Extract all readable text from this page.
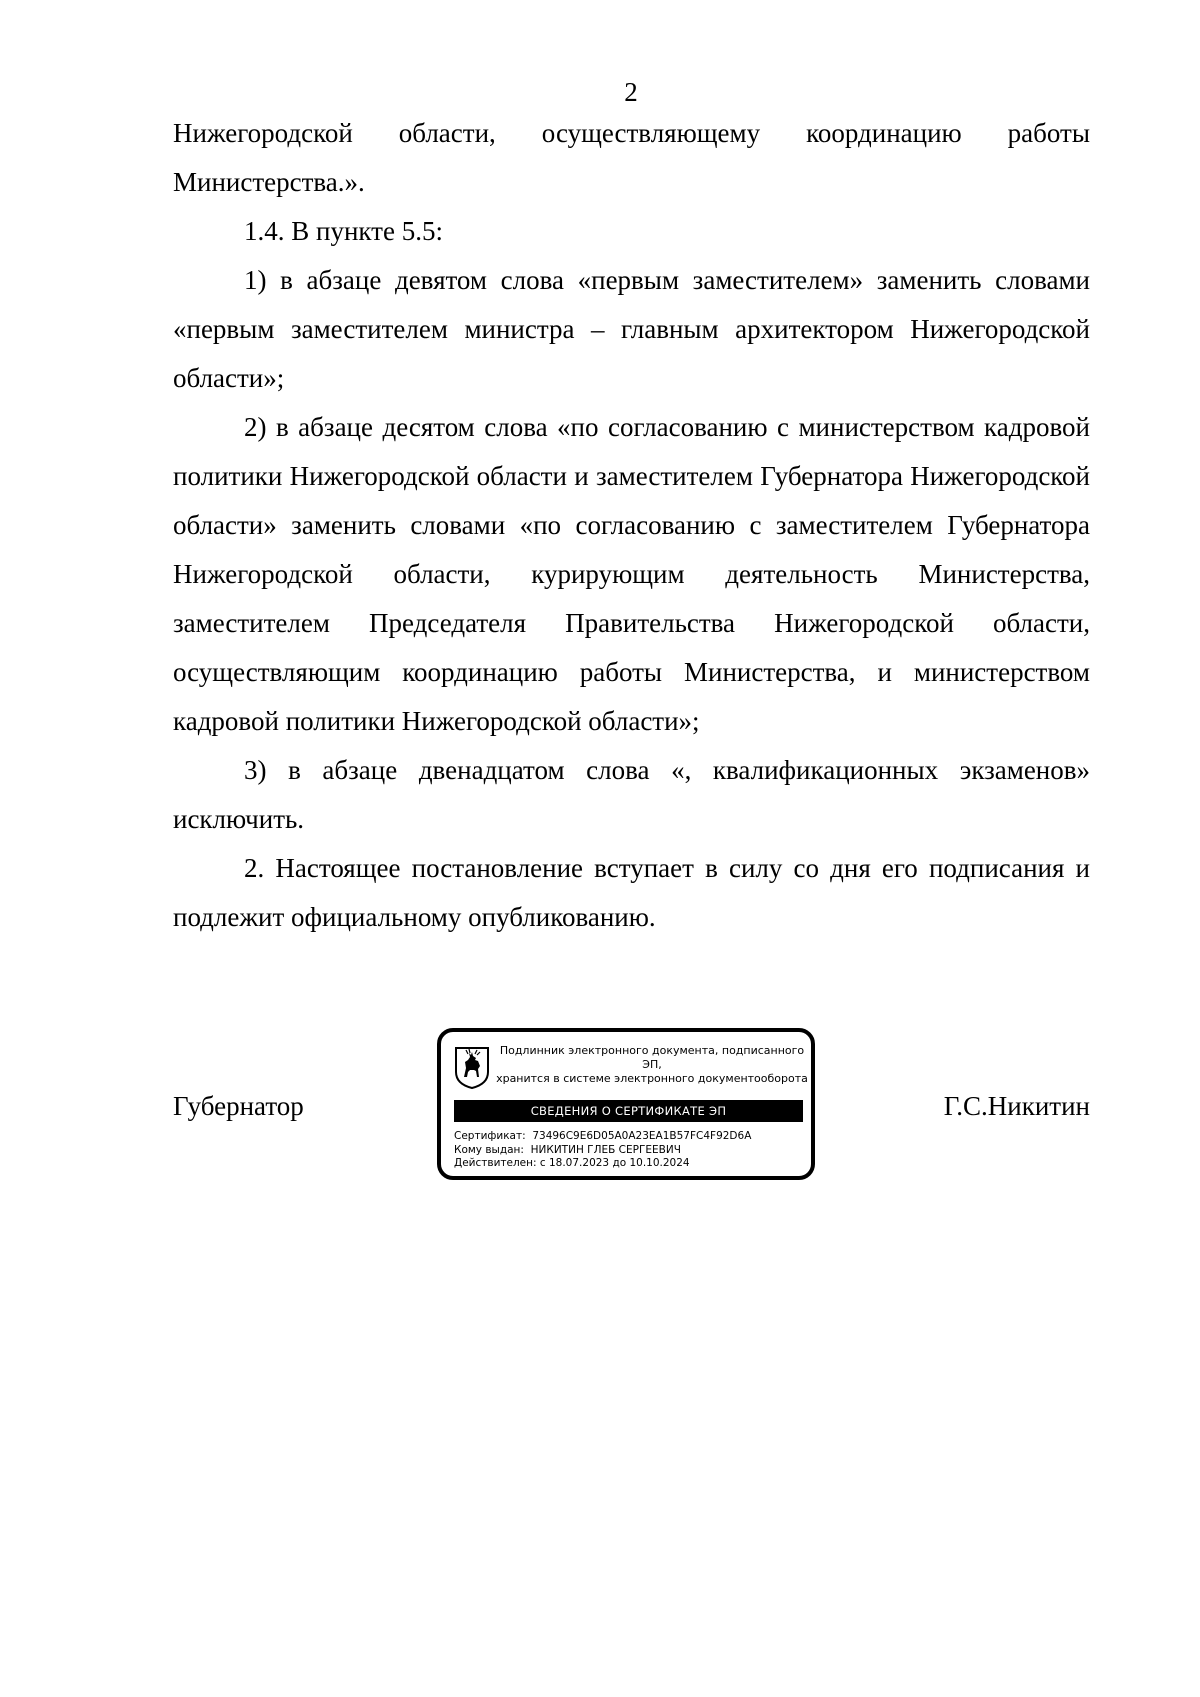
2

Нижегородской области, осуществляющему координацию работы Министерства.».

1.4. В пункте 5.5:

1) в абзаце девятом слова «первым заместителем» заменить словами «первым заместителем министра – главным архитектором Нижегородской области»;

2) в абзаце десятом слова «по согласованию с министерством кадровой политики Нижегородской области и заместителем Губернатора Нижегородской области» заменить словами «по согласованию с заместителем Губернатора Нижегородской области, курирующим деятельность Министерства, заместителем Председателя Правительства Нижегородской области, осуществляющим координацию работы Министерства, и министерством кадровой политики Нижегородской области»;

3) в абзаце двенадцатом слова «, квалификационных экзаменов» исключить.

2. Настоящее постановление вступает в силу со дня его подписания и подлежит официальному опубликованию.

Губернатор
Подлинник электронного документа, подписанного ЭП,
хранится в системе электронного документооборота
СВЕДЕНИЯ О СЕРТИФИКАТЕ ЭП
Сертификат: 73496C9E6D05A0A23EA1B57FC4F92D6A
Кому выдан: НИКИТИН ГЛЕБ СЕРГЕЕВИЧ
Действителен: с 18.07.2023 до 10.10.2024
Г.С.Никитин
